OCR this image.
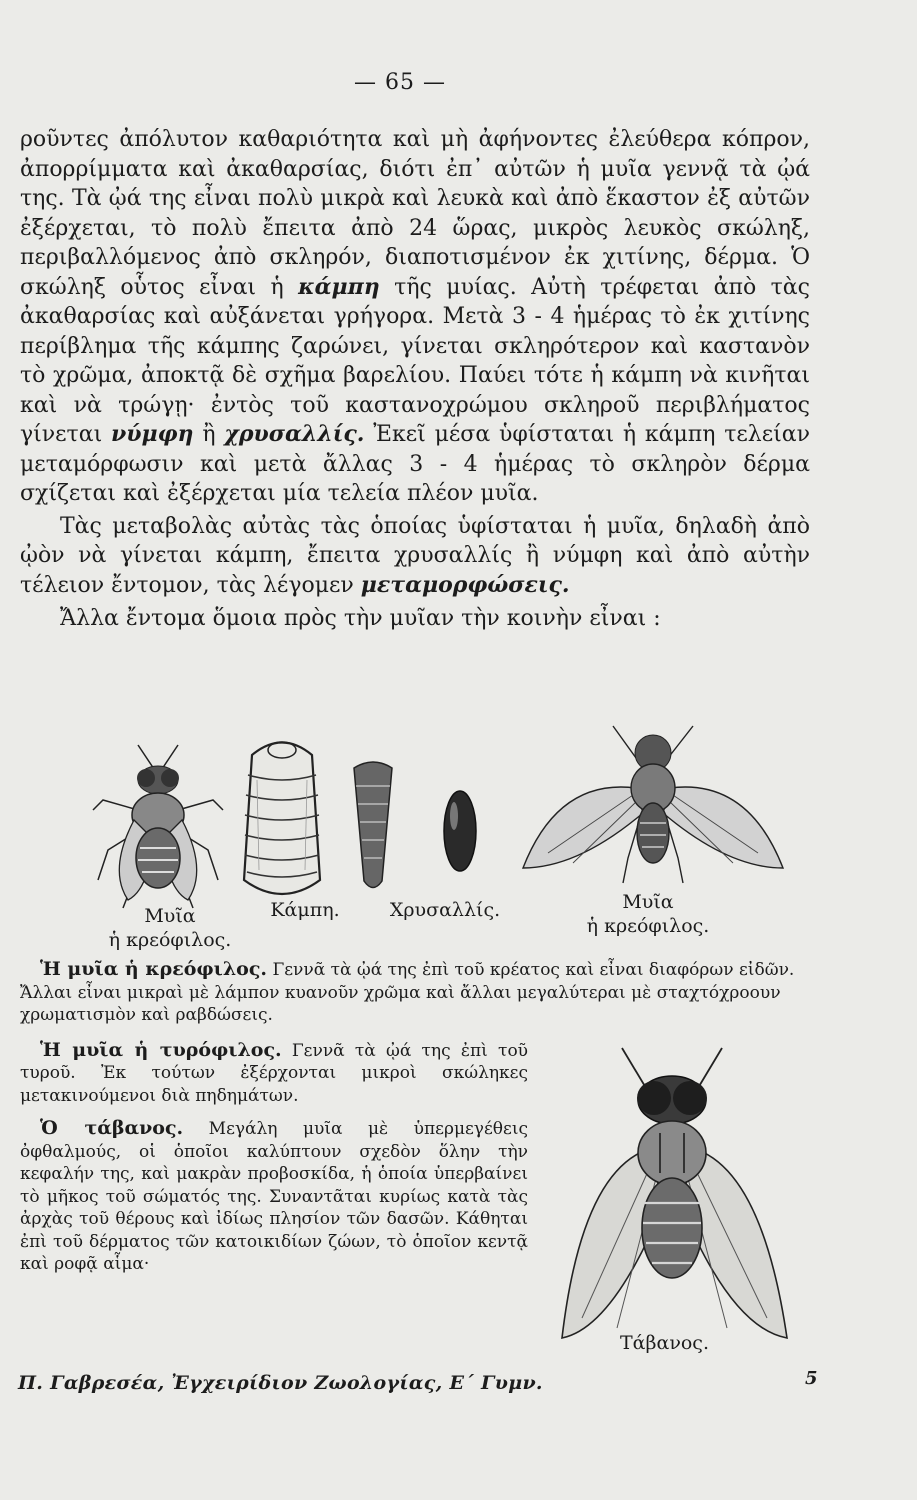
— 65 —

ροῦντες ἀπόλυτον καθαριότητα καὶ μὴ ἀφήνοντες ἐλεύθερα κόπρον, ἀπορρίμματα καὶ ἀκαθαρσίας, διότι ἐπ᾽ αὐτῶν ἡ μυῖα γεννᾷ τὰ ᾠά της. Τὰ ᾠά της εἶναι πολὺ μικρὰ καὶ λευκὰ καὶ ἀπὸ ἕκαστον ἐξ αὐτῶν ἐξέρχεται, τὸ πολὺ ἔπειτα ἀπὸ 24 ὥρας, μικρὸς λευκὸς σκώληξ, περιβαλλόμενος ἀπὸ σκληρόν, διαποτισμένον ἐκ χιτίνης, δέρμα. Ὁ σκώληξ οὗτος εἶναι ἡ κάμπη τῆς μυίας. Αὐτὴ τρέφεται ἀπὸ τὰς ἀκαθαρσίας καὶ αὐξάνεται γρήγορα. Μετὰ 3 - 4 ἡμέρας τὸ ἐκ χιτίνης περίβλημα τῆς κάμπης ζαρώνει, γίνεται σκληρότερον καὶ καστανὸν τὸ χρῶμα, ἀποκτᾷ δὲ σχῆμα βαρελίου. Παύει τότε ἡ κάμπη νὰ κινῆται καὶ νὰ τρώγῃ· ἐντὸς τοῦ καστανοχρώμου σκληροῦ περιβλήματος γίνεται νύμφη ἢ χρυσαλλίς. Ἐκεῖ μέσα ὑφίσταται ἡ κάμπη τελείαν μεταμόρφωσιν καὶ μετὰ ἄλλας 3 - 4 ἡμέρας τὸ σκληρὸν δέρμα σχίζεται καὶ ἐξέρχεται μία τελεία πλέον μυῖα.

Τὰς μεταβολὰς αὐτὰς τὰς ὁποίας ὑφίσταται ἡ μυῖα, δηλαδὴ ἀπὸ ᾠὸν νὰ γίνεται κάμπη, ἔπειτα χρυσαλλίς ἢ νύμφη καὶ ἀπὸ αὐτὴν τέλειον ἔντομον, τὰς λέγομεν μεταμορφώσεις.

Ἄλλα ἔντομα ὅμοια πρὸς τὴν μυῖαν τὴν κοινὴν εἶναι :

Μυῖα
ἡ κρεόφιλος.
Κάμπη.	Χρυσαλλίς.	Μυῖα
ἡ κρεόφιλος.

Ἡ μυῖα ἡ κρεόφιλος. Γεννᾶ τὰ ᾠά της ἐπὶ τοῦ κρέατος καὶ εἶναι διαφόρων εἰδῶν. Ἄλλαι εἶναι μικραὶ μὲ λάμπον κυανοῦν χρῶμα καὶ ἄλλαι μεγαλύτεραι μὲ σταχτόχροουν χρωματισμὸν καὶ ραβδώσεις.

Ἡ μυῖα ἡ τυρόφιλος. Γεννᾶ τὰ ᾠά της ἐπὶ τοῦ τυροῦ. Ἐκ τούτων ἐξέρχονται μικροὶ σκώληκες μετακινούμενοι διὰ πηδημάτων.

Ὁ τάβανος. Μεγάλη μυῖα μὲ ὑπερμεγέθεις ὀφθαλμούς, οἱ ὁποῖοι καλύπτουν σχεδὸν ὅλην τὴν κεφαλήν της, καὶ μακρὰν προβοσκίδα, ἡ ὁποία ὑπερβαίνει τὸ μῆκος τοῦ σώματός της. Συναντᾶται κυρίως κατὰ τὰς ἀρχὰς τοῦ θέρους καὶ ἰδίως πλησίον τῶν δασῶν. Κάθηται ἐπὶ τοῦ δέρματος τῶν κατοικιδίων ζώων, τὸ ὁποῖον κεντᾷ καὶ ροφᾷ αἷμα·

Τάβανος.
5
Π. Γαβρεσέα, Ἐγχειρίδιον Ζωολογίας, Ε΄ Γυμν.
